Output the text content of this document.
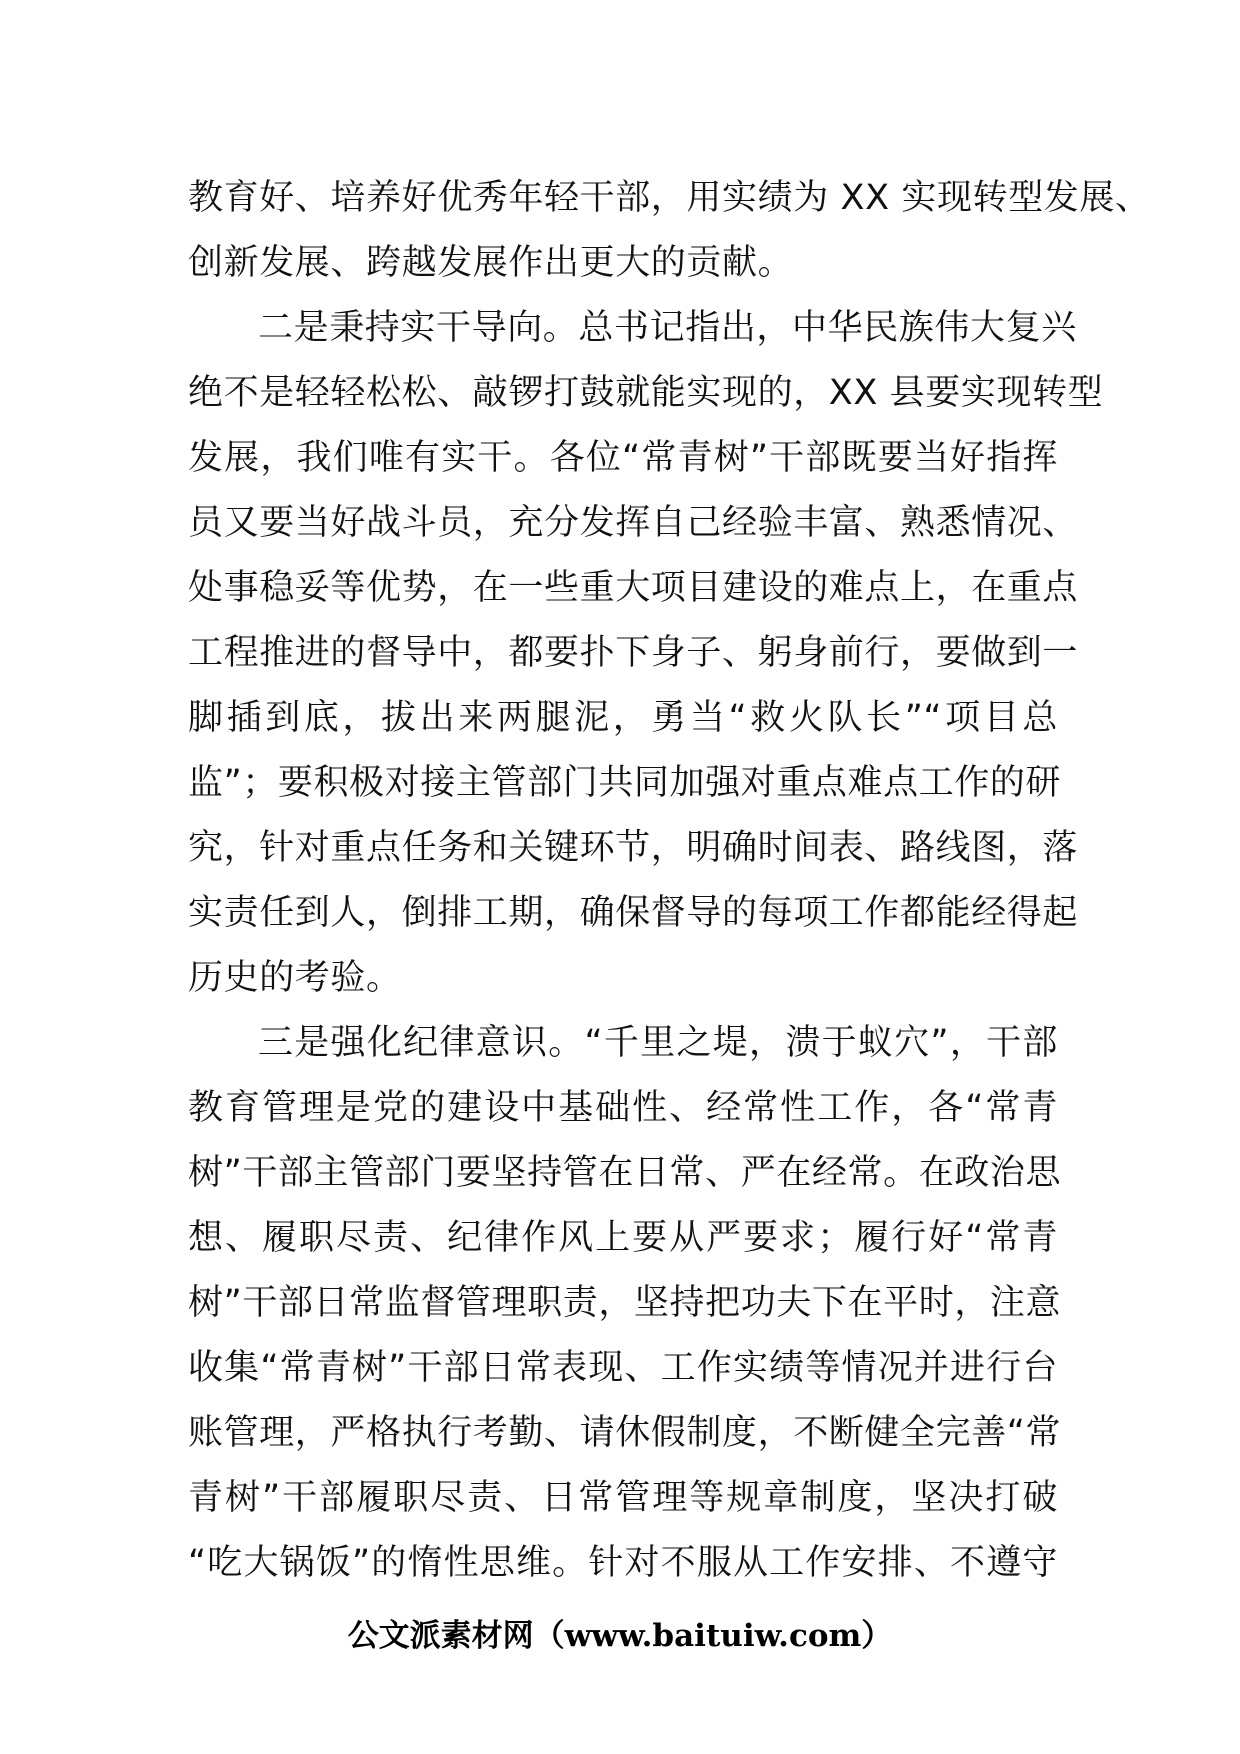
教育好、培养好优秀年轻干部，用实绩为 XX 实现转型发展、
创新发展、跨越发展作出更大的贡献。
二是秉持实干导向。总书记指出，中华民族伟大复兴
绝不是轻轻松松、敲锣打鼓就能实现的，XX 县要实现转型
发展，我们唯有实干。各位“常青树”干部既要当好指挥
员又要当好战斗员，充分发挥自己经验丰富、熟悉情况、
处事稳妥等优势，在一些重大项目建设的难点上，在重点
工程推进的督导中，都要扑下身子、躬身前行，要做到一
脚插到底，拔出来两腿泥，勇当“救火队长”“项目总
监”；要积极对接主管部门共同加强对重点难点工作的研
究，针对重点任务和关键环节，明确时间表、路线图，落
实责任到人，倒排工期，确保督导的每项工作都能经得起
历史的考验。
三是强化纪律意识。“千里之堤，溃于蚁穴”，干部
教育管理是党的建设中基础性、经常性工作，各“常青
树”干部主管部门要坚持管在日常、严在经常。在政治思
想、履职尽责、纪律作风上要从严要求；履行好“常青
树”干部日常监督管理职责，坚持把功夫下在平时，注意
收集“常青树”干部日常表现、工作实绩等情况并进行台
账管理，严格执行考勤、请休假制度，不断健全完善“常
青树”干部履职尽责、日常管理等规章制度，坚决打破
“吃大锅饭”的惰性思维。针对不服从工作安排、不遵守
公文派素材网（www.baituiw.com）
